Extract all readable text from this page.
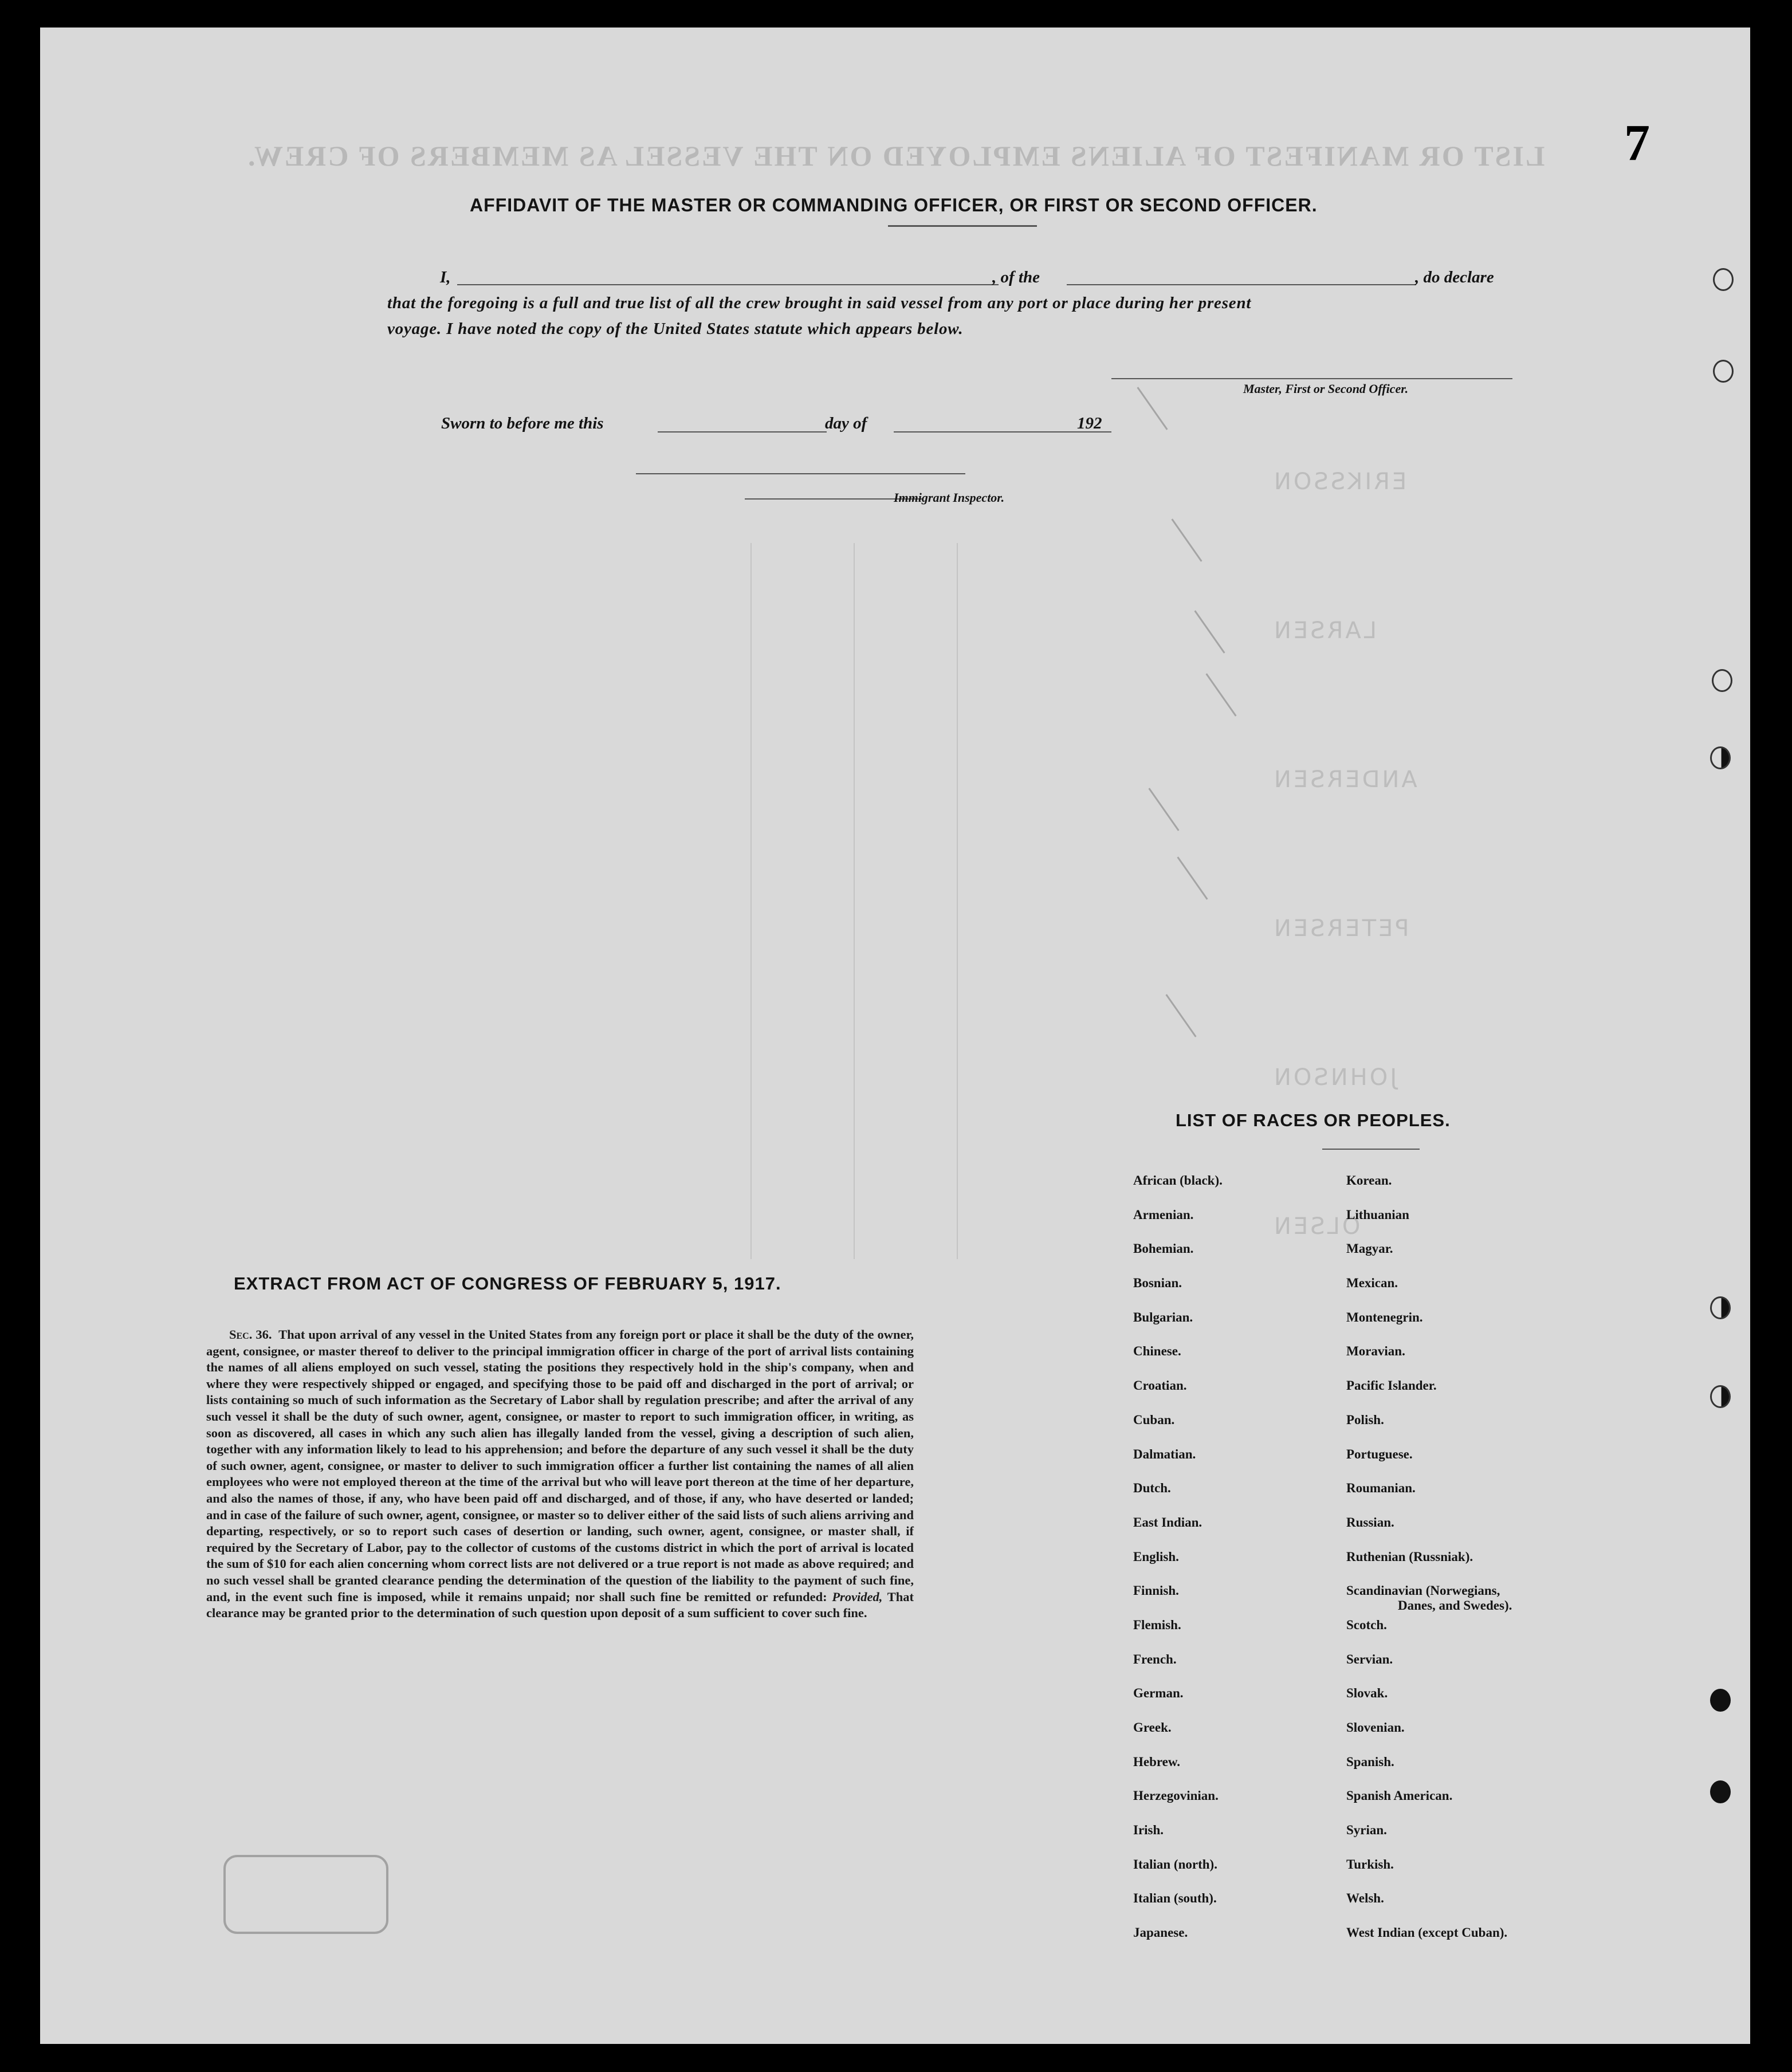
LIST OR MANIFEST OF ALIENS EMPLOYED ON THE VESSEL AS MEMBERS OF CREW.
ERIKSSON
LARSEN
ANDERSEN
PETERSEN
JOHNSON
OLSEN
7
AFFIDAVIT OF THE MASTER OR COMMANDING OFFICER, OR FIRST OR SECOND OFFICER.
I,	, of the	, do declare
that the foregoing is a full and true list of all the crew brought in said vessel from any port or place during her present
voyage. I have noted the copy of the United States statute which appears below.
Master, First or Second Officer.
Sworn to before me this	day of	192
Immigrant Inspector.
EXTRACT FROM ACT OF CONGRESS OF FEBRUARY 5, 1917.
Sec. 36. That upon arrival of any vessel in the United States from any foreign port or place it shall be the duty of the owner, agent, consignee, or master thereof to deliver to the principal immigration officer in charge of the port of arrival lists containing the names of all aliens employed on such vessel, stating the positions they respectively hold in the ship's company, when and where they were respectively shipped or engaged, and specifying those to be paid off and discharged in the port of arrival; or lists containing so much of such information as the Secretary of Labor shall by regulation prescribe; and after the arrival of any such vessel it shall be the duty of such owner, agent, consignee, or master to report to such immigration officer, in writing, as soon as discovered, all cases in which any such alien has illegally landed from the vessel, giving a description of such alien, together with any information likely to lead to his apprehension; and before the departure of any such vessel it shall be the duty of such owner, agent, consignee, or master to deliver to such immigration officer a further list containing the names of all alien employees who were not employed thereon at the time of the arrival but who will leave port thereon at the time of her departure, and also the names of those, if any, who have been paid off and discharged, and of those, if any, who have deserted or landed; and in case of the failure of such owner, agent, consignee, or master so to deliver either of the said lists of such aliens arriving and departing, respectively, or so to report such cases of desertion or landing, such owner, agent, consignee, or master shall, if required by the Secretary of Labor, pay to the collector of customs of the customs district in which the port of arrival is located the sum of $10 for each alien concerning whom correct lists are not delivered or a true report is not made as above required; and no such vessel shall be granted clearance pending the determination of the question of the liability to the payment of such fine, and, in the event such fine is imposed, while it remains unpaid; nor shall such fine be remitted or refunded: Provided, That clearance may be granted prior to the determination of such question upon deposit of a sum sufficient to cover such fine.
LIST OF RACES OR PEOPLES.
African (black).
Armenian.
Bohemian.
Bosnian.
Bulgarian.
Chinese.
Croatian.
Cuban.
Dalmatian.
Dutch.
East Indian.
English.
Finnish.
Flemish.
French.
German.
Greek.
Hebrew.
Herzegovinian.
Irish.
Italian (north).
Italian (south).
Japanese.
Korean.
Lithuanian
Magyar.
Mexican.
Montenegrin.
Moravian.
Pacific Islander.
Polish.
Portuguese.
Roumanian.
Russian.
Ruthenian (Russniak).
Scandinavian (Norwegians,
Danes, and Swedes).
Scotch.
Servian.
Slovak.
Slovenian.
Spanish.
Spanish American.
Syrian.
Turkish.
Welsh.
West Indian (except Cuban).
